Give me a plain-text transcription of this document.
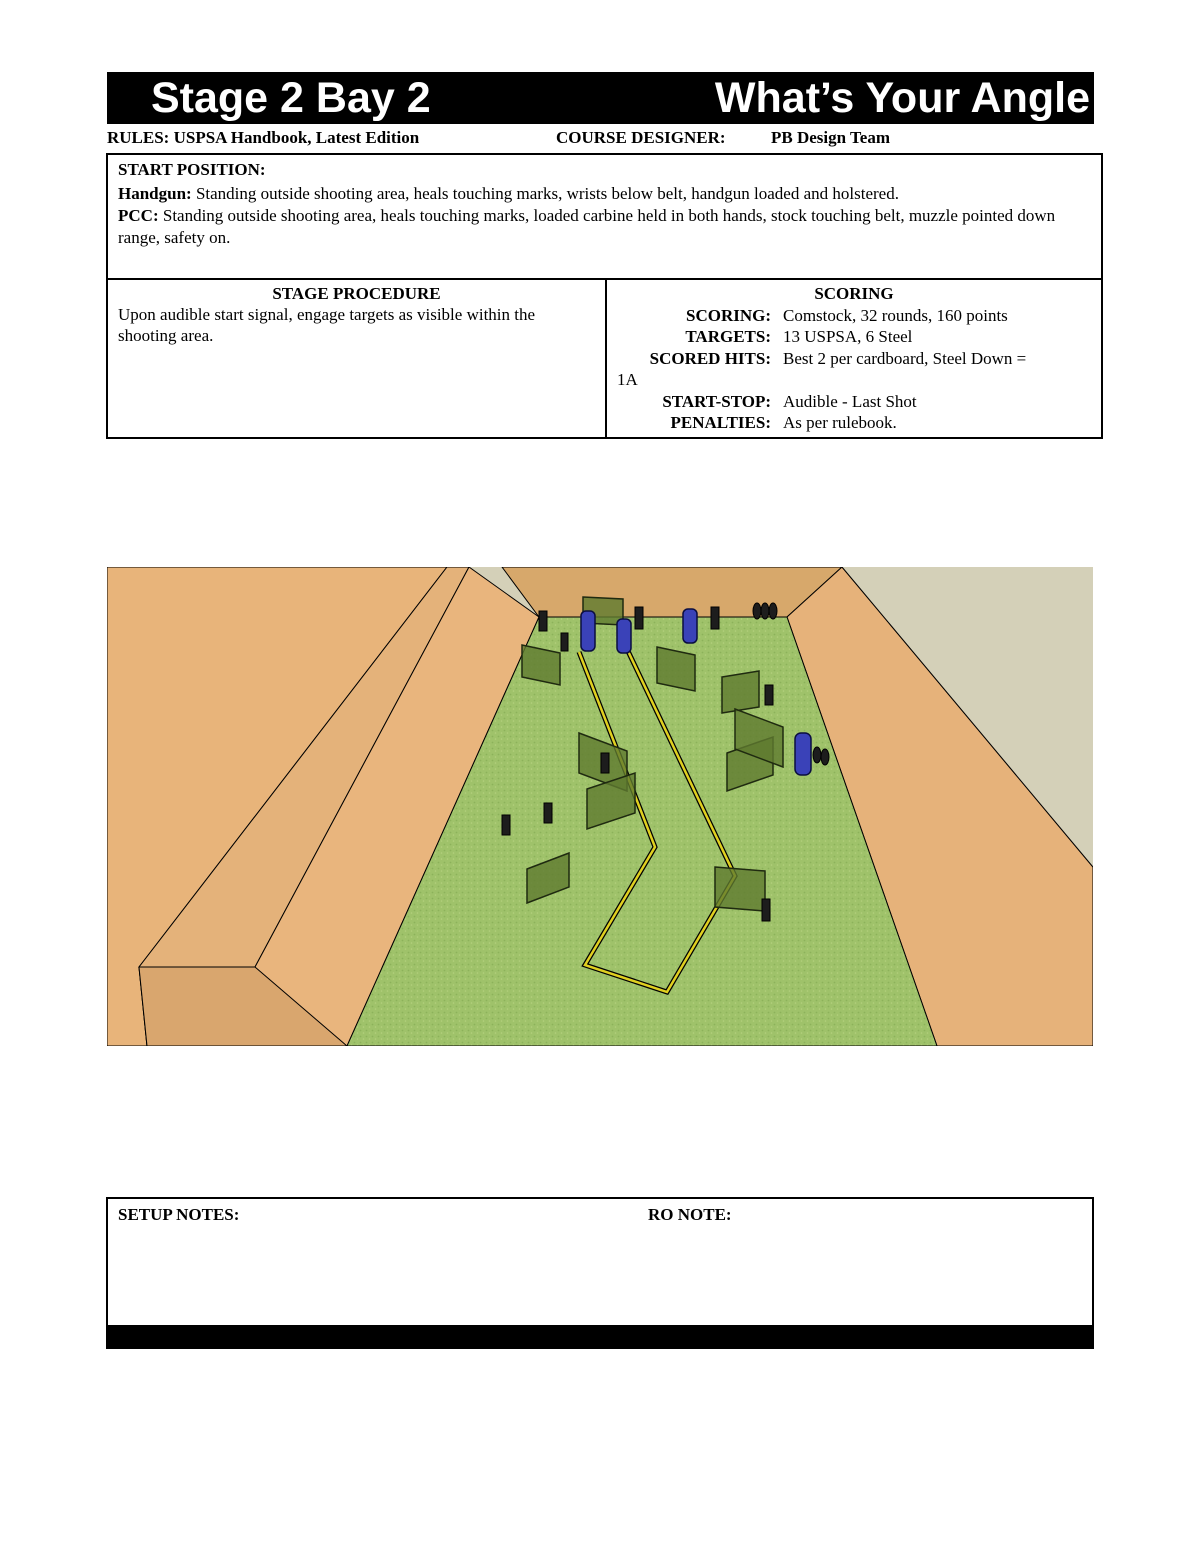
Stage 2 Bay 2	What’s Your Angle
RULES: USPSA Handbook, Latest Edition	COURSE DESIGNER:	PB Design Team
START POSITION:

Handgun: Standing outside shooting area, heals touching marks, wrists below belt, handgun loaded and holstered.

PCC: Standing outside shooting area, heals touching marks, loaded carbine held in both hands, stock touching belt, muzzle pointed down range, safety on.

STAGE PROCEDURE
Upon audible start signal, engage targets as visible within the shooting area.
SCORING
SCORING: Comstock, 32 rounds, 160 points
TARGETS: 13 USPSA, 6 Steel
SCORED HITS: Best 2 per cardboard, Steel Down =
1A
START-STOP: Audible - Last Shot
PENALTIES: As per rulebook.
SETUP NOTES:	RO NOTE:
